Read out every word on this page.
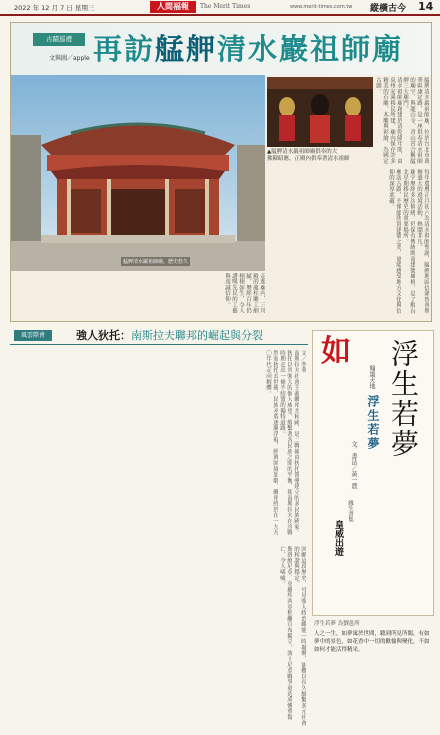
2022 年 12 月 7 日 星期三	人間福報	The Merit Times	www.merit-times.com.tw 縱橫古今 14
古蹟巡禮
文與圖／apple 再訪艋舺清水巖祖師廟
艋舺清水巖祖師廟，歷史悠久
▲艋舺清水巖祖師廟供奉的大
佛陳昭應，正殿內供奉著清水祖師
每年農曆正月初六為清水祖師聖誕，艋舺地區信眾皆會舉辦盛大的遶境活動，熱鬧非凡。
廟宇歷經多次修繕，仍保有傳統閩南建築風格，是了解台北早期移民歷史的重要場所。
參訪古蹟，不僅能欣賞建築之美，更能感受地方文化與信仰的深厚底蘊。
艋舺清水巖祖師廟，位於台北市萬華區康定路，是一座供奉清水祖師的廟宇，與龍山寺、青山宮合稱艋舺三大廟門。
清水祖師廟創建於清乾隆年間，由泉州安溪移民所建，廟內保存許多精美的石雕、木雕與彩繪，為國定古蹟。
走進廟內，三川殿的龍柱雕工細膩，歷經百年仍栩栩如生，令人讚嘆先民的工藝與虔誠信仰。
風雲際會	強人狄托：南斯拉夫聯邦的崛起與分裂
文／李華
南斯拉夫社會主義聯邦共和國，是二戰後由狄托領導建立的多民族國家。
狄托以其強大的個人威望，維繫著各民族之間的平衡，使南斯拉夫在冷戰時期走出一條不結盟的獨特道路。
然而狄托去世後，民族矛盾逐漸浮現，經濟困境加劇，聯邦終於在一九九〇年代走向解體。
回顧這段歷史，可見強人政治雖能一時凝聚，卻難以長久維繫多元社會的和諧與穩定。
斯洛維尼亞、克羅埃西亞相繼宣布獨立，波士尼亞戰爭更造成慘重傷亡，令人唏噓。
如
翰墨天地
浮生若夢
文．書法／黃一農
浮生若夢
緣生書集
皇威出遊
浮生若夢 為劉邕所
人之一生，如夢寓於世間，聽到所見所聞，有如夢中的景色，如花香中一切的歡愉與變化，不如如何才能活得精采。
